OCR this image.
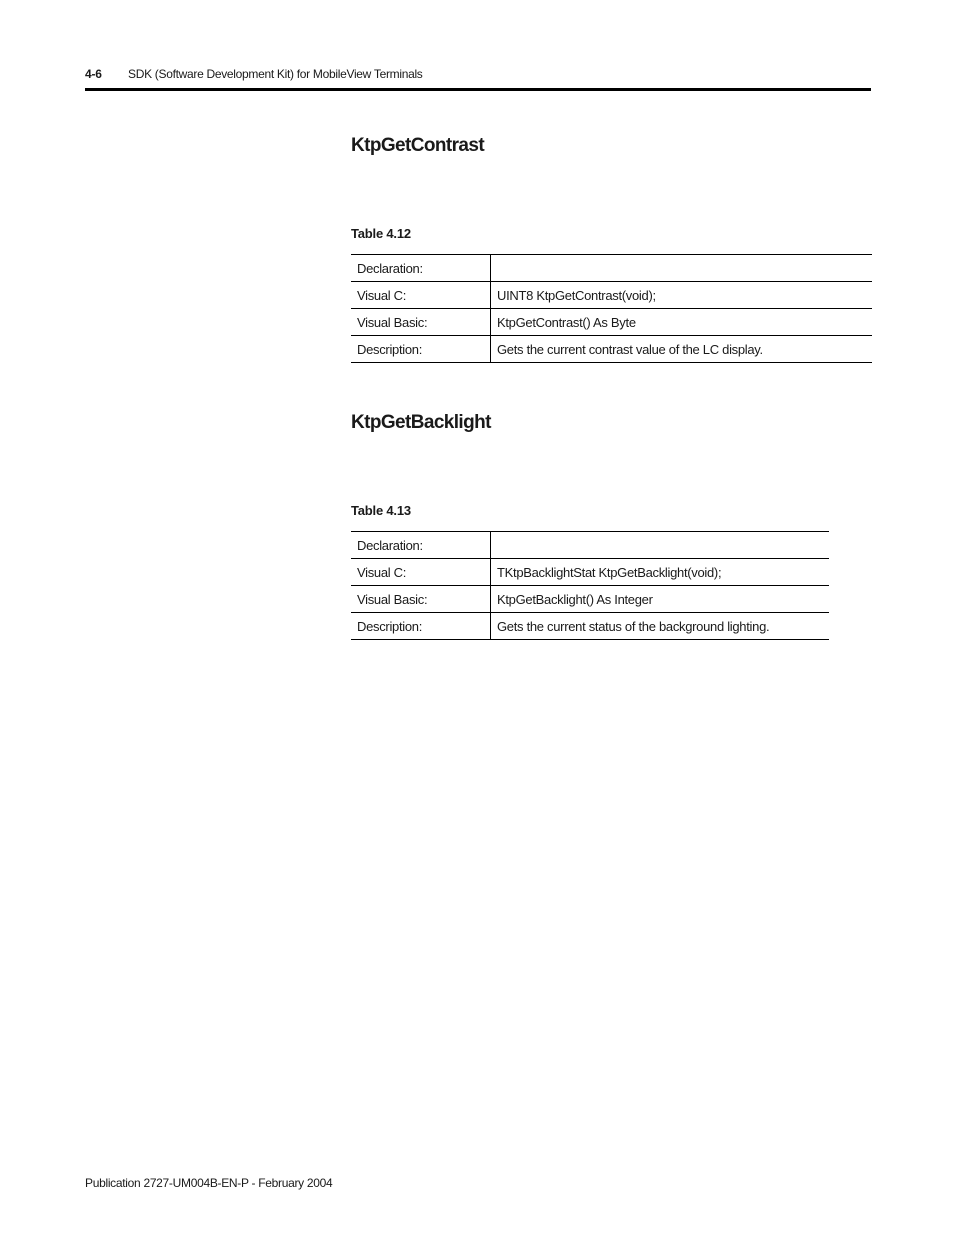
4-6 SDK (Software Development Kit) for MobileView Terminals
KtpGetContrast

Table 4.12

Declaration:	
Visual C:	UINT8 KtpGetContrast(void);
Visual Basic:	KtpGetContrast() As Byte
Description:	Gets the current contrast value of the LC display.
KtpGetBacklight

Table 4.13

Declaration:	
Visual C:	TKtpBacklightStat KtpGetBacklight(void);
Visual Basic:	KtpGetBacklight() As Integer
Description:	Gets the current status of the background lighting.
Publication 2727-UM004B-EN-P - February 2004
